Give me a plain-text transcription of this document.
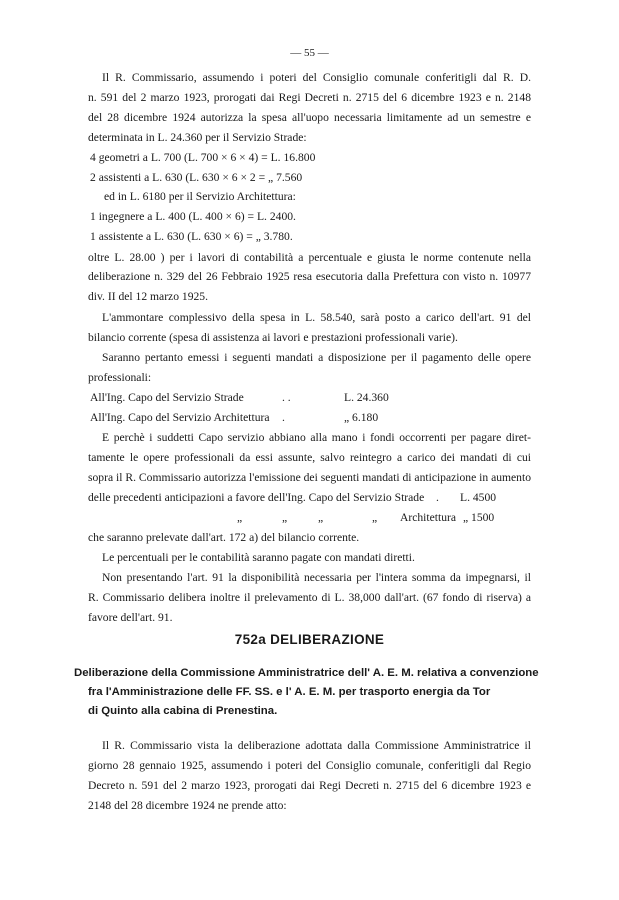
— 55 —
Il R. Commissario, assumendo i poteri del Consiglio comunale conferitigli dal R. D.
n. 591 del 2 marzo 1923, prorogati dai Regi Decreti n. 2715 del 6 dicembre 1923 e n. 2148
del 28 dicembre 1924 autorizza la spesa all'uopo necessaria limitamente ad un semestre e
determinata in L. 24.360 per il Servizio Strade:
4 geometri a L. 700 (L. 700 × 6 × 4) = L. 16.800
2 assistenti a L. 630 (L. 630 × 6 × 2 = „ 7.560
ed in L. 6180 per il Servizio Architettura:
1 ingegnere a L. 400 (L. 400 × 6) = L. 2400.
1 assistente a L. 630 (L. 630 × 6) = „ 3.780.
oltre L. 28.00 ) per i lavori di contabilità a percentuale e giusta le norme contenute nella
deliberazione n. 329 del 26 Febbraio 1925 resa esecutoria dalla Prefettura con visto n. 10977
div. II del 12 marzo 1925.
L'ammontare complessivo della spesa in L. 58.540, sarà posto a carico dell'art. 91 del
bilancio corrente (spesa di assistenza ai lavori e prestazioni professionali varie).
Saranno pertanto emessi i seguenti mandati a disposizione per il pagamento delle opere
professionali:
All'Ing. Capo del Servizio Strade	. .	L. 24.360
All'Ing. Capo del Servizio Architettura .	„ 6.180
E perchè i suddetti Capo servizio abbiano alla mano i fondi occorrenti per pagare diret-
tamente le opere professionali da essi assunte, salvo reintegro a carico dei mandati di cui
sopra il R. Commissario autorizza l'emissione dei seguenti mandati di anticipazione in aumento
delle precedenti anticipazioni a favore dell'Ing. Capo del Servizio Strade . L. 4500
„	„	„	„ Architettura „ 1500
che saranno prelevate dall'art. 172 a) del bilancio corrente.
Le percentuali per le contabilità saranno pagate con mandati diretti.
Non presentando l'art. 91 la disponibilità necessaria per l'intera somma da impegnarsi, il
R. Commissario delibera inoltre il prelevamento di L. 38,000 dall'art. (67 fondo di riserva) a
favore dell'art. 91.
752a DELIBERAZIONE
Deliberazione della Commissione Amministratrice dell' A. E. M. relativa a convenzione
fra l'Amministrazione delle FF. SS. e l' A. E. M. per trasporto energia da Tor
di Quinto alla cabina di Prenestina.
Il R. Commissario vista la deliberazione adottata dalla Commissione Amministratrice il
giorno 28 gennaio 1925, assumendo i poteri del Consiglio comunale, conferitigli dal Regio
Decreto n. 591 del 2 marzo 1923, prorogati dai Regi Decreti n. 2715 del 6 dicembre 1923 e
2148 del 28 dicembre 1924 ne prende atto:
